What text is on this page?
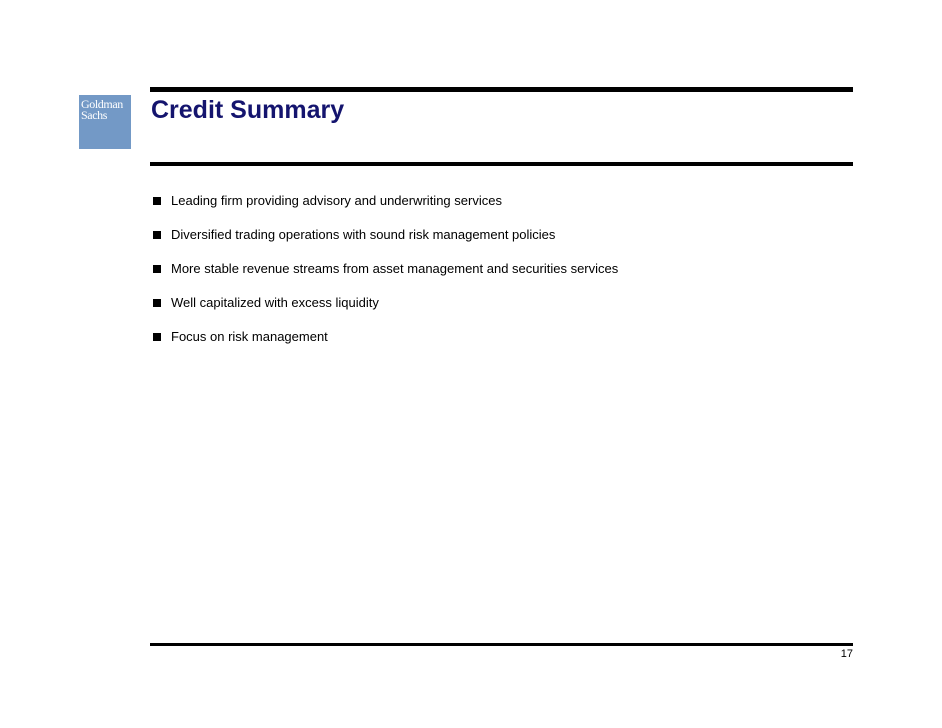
Goldman
Sachs	Credit Summary
Leading firm providing advisory and underwriting services
Diversified trading operations with sound risk management policies
More stable revenue streams from asset management and securities services
Well capitalized with excess liquidity
Focus on risk management
17
